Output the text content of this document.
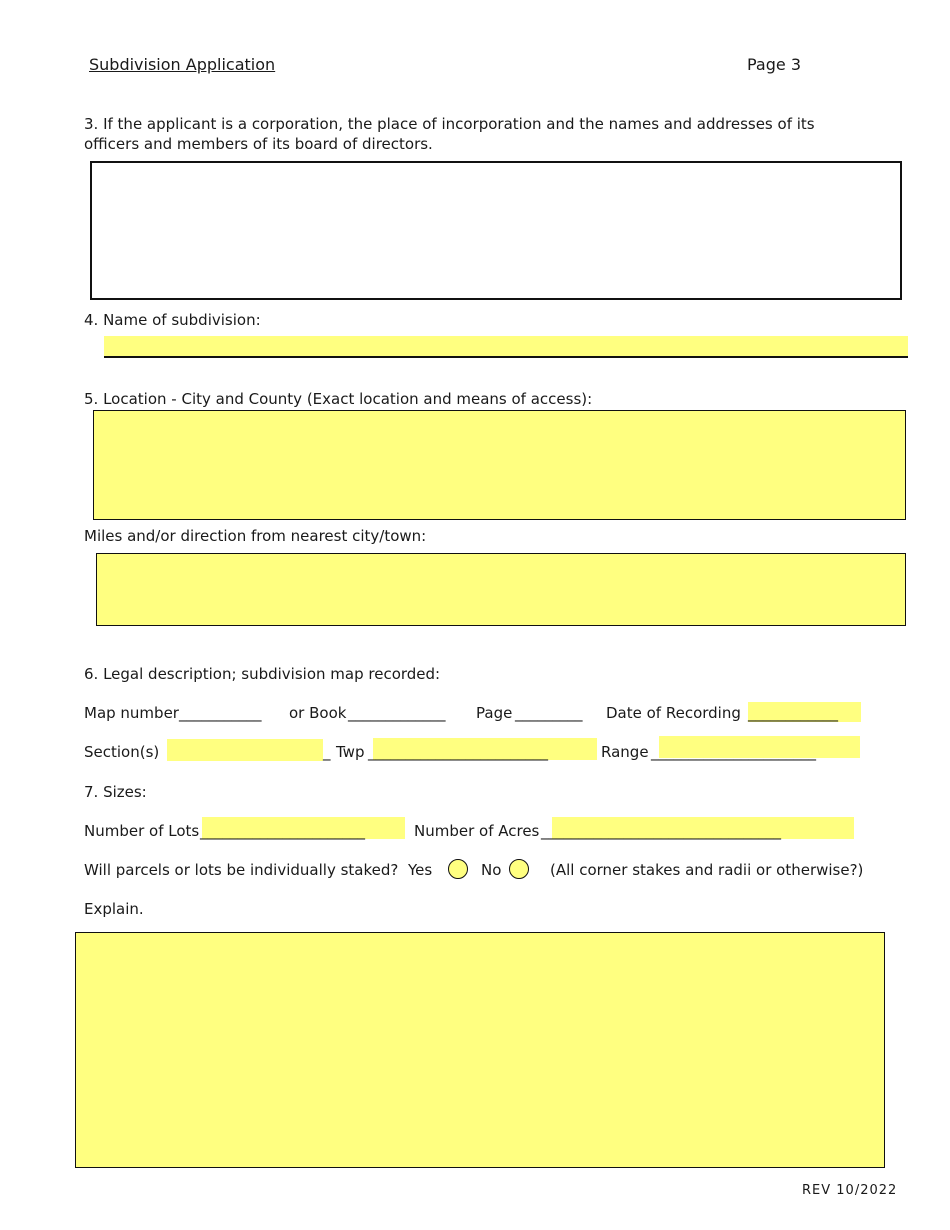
Subdivision Application	Page 3
3. If the applicant is a corporation, the place of incorporation and the names and addresses of its
officers and members of its board of directors.
4. Name of subdivision:
5. Location - City and County (Exact location and means of access):
Miles and/or direction from nearest city/town:
6. Legal description; subdivision map recorded:
Map number ___________ or Book _____________ Page _________ Date of Recording ____________
Section(s)	_ Twp ________________________	Range ______________________
7. Sizes:
Number of Lots ______________________	Number of Acres ________________________________
Will parcels or lots be individually staked? Yes	No	(All corner stakes and radii or otherwise?)
Explain.
REV 10/2022
